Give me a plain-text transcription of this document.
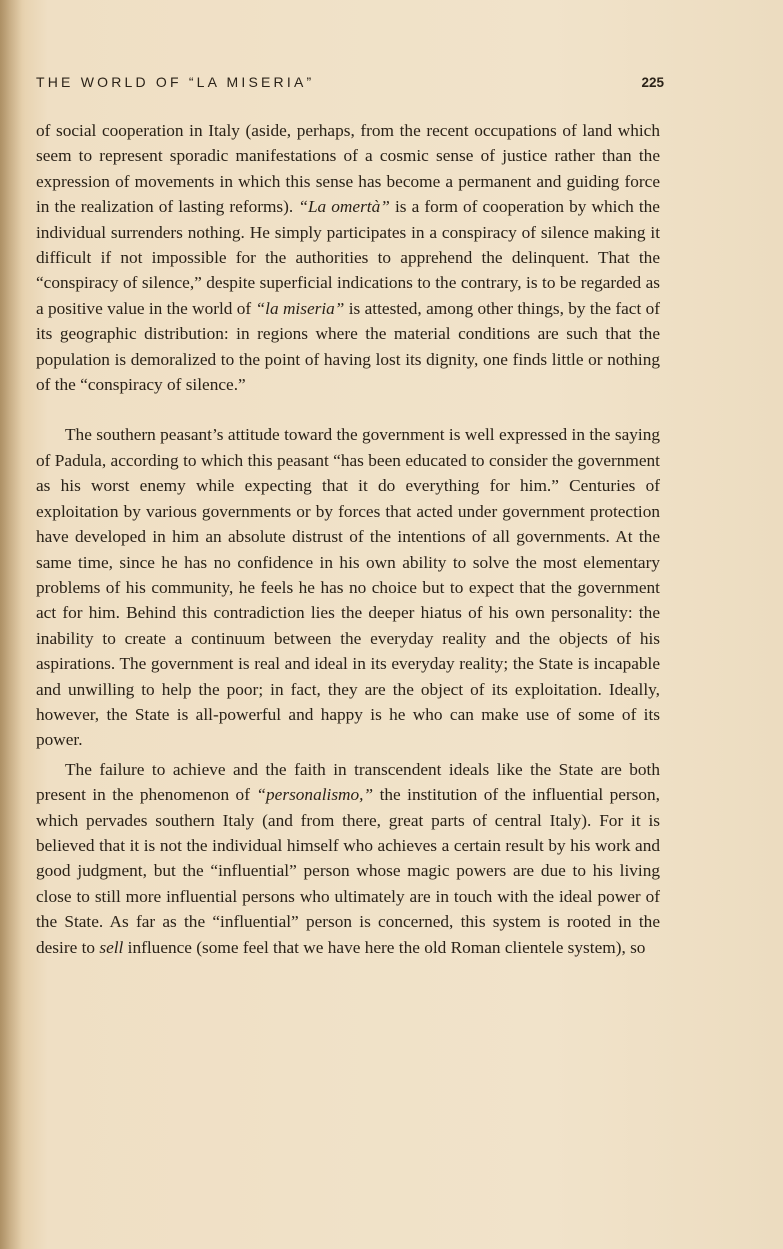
THE WORLD OF “LA MISERIA”	225

of social cooperation in Italy (aside, perhaps, from the recent occupations of land which seem to represent sporadic manifestations of a cosmic sense of justice rather than the expression of movements in which this sense has become a permanent and guiding force in the realization of lasting reforms). “La omertà” is a form of cooperation by which the individual surrenders nothing. He simply participates in a conspiracy of silence making it difficult if not impossible for the authorities to apprehend the delinquent. That the “conspiracy of silence,” despite superficial indications to the contrary, is to be regarded as a positive value in the world of “la miseria” is attested, among other things, by the fact of its geographic distribution: in regions where the material conditions are such that the population is demoralized to the point of having lost its dignity, one finds little or nothing of the “conspiracy of silence.”

The southern peasant’s attitude toward the government is well expressed in the saying of Padula, according to which this peasant “has been educated to consider the government as his worst enemy while expecting that it do everything for him.” Centuries of exploitation by various governments or by forces that acted under government protection have developed in him an absolute distrust of the intentions of all governments. At the same time, since he has no confidence in his own ability to solve the most elementary problems of his community, he feels he has no choice but to expect that the government act for him. Behind this contradiction lies the deeper hiatus of his own personality: the inability to create a continuum between the everyday reality and the objects of his aspirations. The government is real and ideal in its everyday reality; the State is incapable and unwilling to help the poor; in fact, they are the object of its exploitation. Ideally, however, the State is all-powerful and happy is he who can make use of some of its power.

The failure to achieve and the faith in transcendent ideals like the State are both present in the phenomenon of “personalismo,” the institution of the influential person, which pervades southern Italy (and from there, great parts of central Italy). For it is believed that it is not the individual himself who achieves a certain result by his work and good judgment, but the “influential” person whose magic powers are due to his living close to still more influential persons who ultimately are in touch with the ideal power of the State. As far as the “influential” person is concerned, this system is rooted in the desire to sell influence (some feel that we have here the old Roman clientele system), so
